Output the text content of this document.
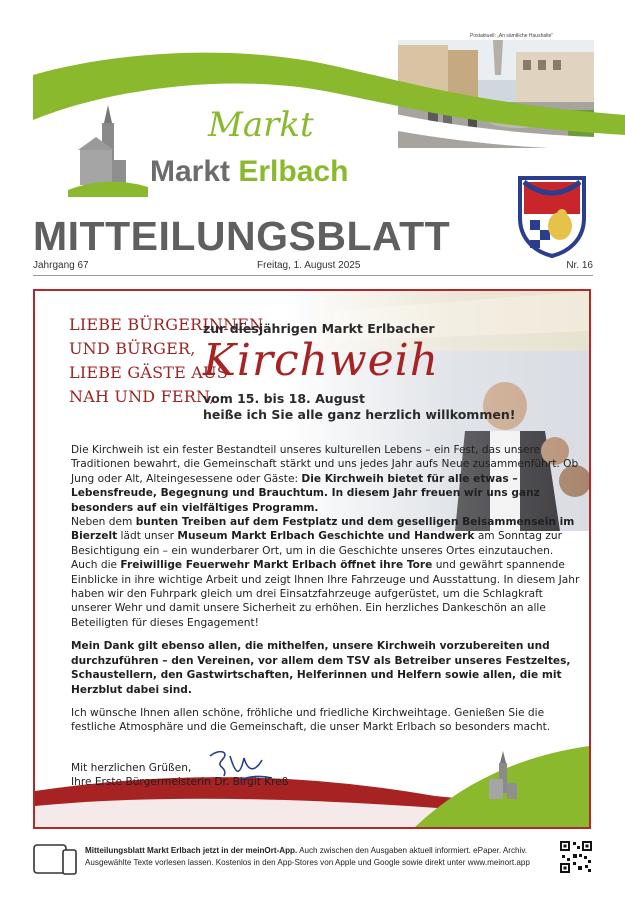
Postaktuell: „An sämtliche Haushalte“
Markt
Markt Erlbach
MITTEILUNGSBLATT
Jahrgang 67	Freitag, 1. August 2025	Nr. 16
LIEBE BÜRGERINNEN
UND BÜRGER,
LIEBE GÄSTE AUS
NAH UND FERN,
zur diesjährigen Markt Erlbacher
Kirchweih
vom 15. bis 18. August
heiße ich Sie alle ganz herzlich willkommen!

Die Kirchweih ist ein fester Bestandteil unseres kulturellen Lebens – ein Fest, das unsere Traditionen bewahrt, die Gemeinschaft stärkt und uns jedes Jahr aufs Neue zusammenführt. Ob Jung oder Alt, Alteingesessene oder Gäste: Die Kirchweih bietet für alle etwas – Lebensfreude, Begegnung und Brauchtum. In diesem Jahr freuen wir uns ganz besonders auf ein vielfältiges Programm.
Neben dem bunten Treiben auf dem Festplatz und dem geselligen Beisammensein im Bierzelt lädt unser Museum Markt Erlbach Geschichte und Handwerk am Sonntag zur Besichtigung ein – ein wunderbarer Ort, um in die Geschichte unseres Ortes einzutauchen.
Auch die Freiwillige Feuerwehr Markt Erlbach öffnet ihre Tore und gewährt spannende Einblicke in ihre wichtige Arbeit und zeigt Ihnen Ihre Fahrzeuge und Ausstattung. In diesem Jahr haben wir den Fuhrpark gleich um drei Einsatzfahrzeuge aufgerüstet, um die Schlagkraft unserer Wehr und damit unsere Sicherheit zu erhöhen. Ein herzliches Dankeschön an alle Beteiligten für dieses Engagement!

Mein Dank gilt ebenso allen, die mithelfen, unsere Kirchweih vorzubereiten und durchzuführen – den Vereinen, vor allem dem TSV als Betreiber unseres Festzeltes, Schaustellern, den Gastwirtschaften, Helferinnen und Helfern sowie allen, die mit Herzblut dabei sind.

Ich wünsche Ihnen allen schöne, fröhliche und friedliche Kirchweihtage. Genießen Sie die festliche Atmosphäre und die Gemeinschaft, die unser Markt Erlbach so besonders macht.

Mit herzlichen Grüßen,
Ihre Erste Bürgermeisterin Dr. Birgit Kreß
Mitteilungsblatt Markt Erlbach jetzt in der meinOrt-App. Auch zwischen den Ausgaben aktuell informiert. ePaper. Archiv. Ausgewählte Texte vorlesen lassen. Kostenlos in den App-Stores von Apple und Google sowie direkt unter www.meinort.app
